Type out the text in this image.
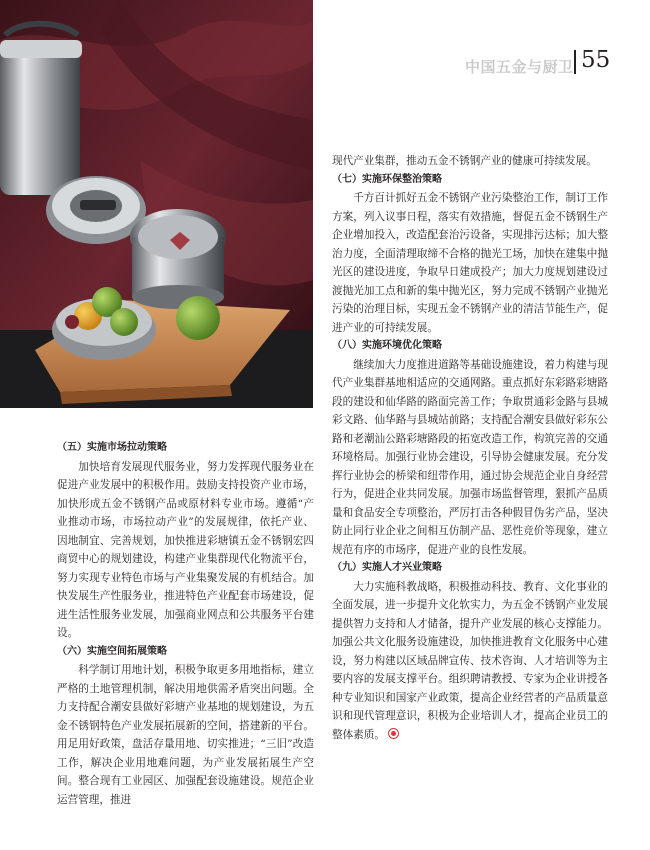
中国五金与厨卫 55

现代产业集群，推动五金不锈钢产业的健康可持续发展。

（七）实施环保整治策略

千方百计抓好五金不锈钢产业污染整治工作，制订工作方案，列入议事日程，落实有效措施，督促五金不锈钢生产企业增加投入，改造配套治污设备，实现排污达标；加大整治力度，全面清理取缔不合格的抛光工场，加快在建集中抛光区的建设进度，争取早日建成投产；加大力度规划建设过渡抛光加工点和新的集中抛光区，努力完成不锈钢产业抛光污染的治理目标，实现五金不锈钢产业的清洁节能生产，促进产业的可持续发展。

（八）实施环境优化策略

继续加大力度推进道路等基础设施建设，着力构建与现代产业集群基地相适应的交通网路。重点抓好东彩路彩塘路段的建设和仙华路的路面完善工作；争取贯通彩金路与县城彩文路、仙华路与县城站前路；支持配合潮安县做好彩东公路和老潮汕公路彩塘路段的拓宽改造工作，构筑完善的交通环境格局。加强行业协会建设，引导协会健康发展。充分发挥行业协会的桥梁和纽带作用，通过协会规范企业自身经营行为，促进企业共同发展。加强市场监督管理，狠抓产品质量和食品安全专项整治，严厉打击各种假冒伪劣产品，坚决防止同行业企业之间相互仿制产品、恶性竞价等现象，建立规范有序的市场序，促进产业的良性发展。

（九）实施人才兴业策略

大力实施科教战略，积极推动科技、教育、文化事业的全面发展，进一步提升文化软实力，为五金不锈钢产业发展提供智力支持和人才储备，提升产业发展的核心支撑能力。加强公共文化服务设施建设，加快推进教育文化服务中心建设，努力构建以区域品牌宣传、技术咨询、人才培训等为主要内容的发展支撑平台。组织聘请教授、专家为企业讲授各种专业知识和国家产业政策，提高企业经营者的产品质量意识和现代管理意识，积极为企业培训人才，提高企业员工的整体素质。

（五）实施市场拉动策略

加快培育发展现代服务业，努力发挥现代服务业在促进产业发展中的积极作用。鼓励支持投资产业市场，加快形成五金不锈钢产品或原材料专业市场。遵循“产业推动市场，市场拉动产业”的发展规律，依托产业、因地制宜、完善规划，加快推进彩塘镇五金不锈钢宏四商贸中心的规划建设，构建产业集群现代化物流平台，努力实现专业特色市场与产业集聚发展的有机结合。加快发展生产性服务业，推进特色产业配套市场建设，促进生活性服务业发展，加强商业网点和公共服务平台建设。

（六）实施空间拓展策略

科学制订用地计划，积极争取更多用地指标，建立严格的土地管理机制，解决用地供需矛盾突出问题。全力支持配合潮安县做好彩塘产业基地的规划建设，为五金不锈钢特色产业发展拓展新的空间，搭建新的平台。用足用好政策，盘活存量用地、切实推进；“三旧”改造工作，解决企业用地难问题，为产业发展拓展生产空间。整合现有工业园区、加强配套设施建设。规范企业运营管理，推进
